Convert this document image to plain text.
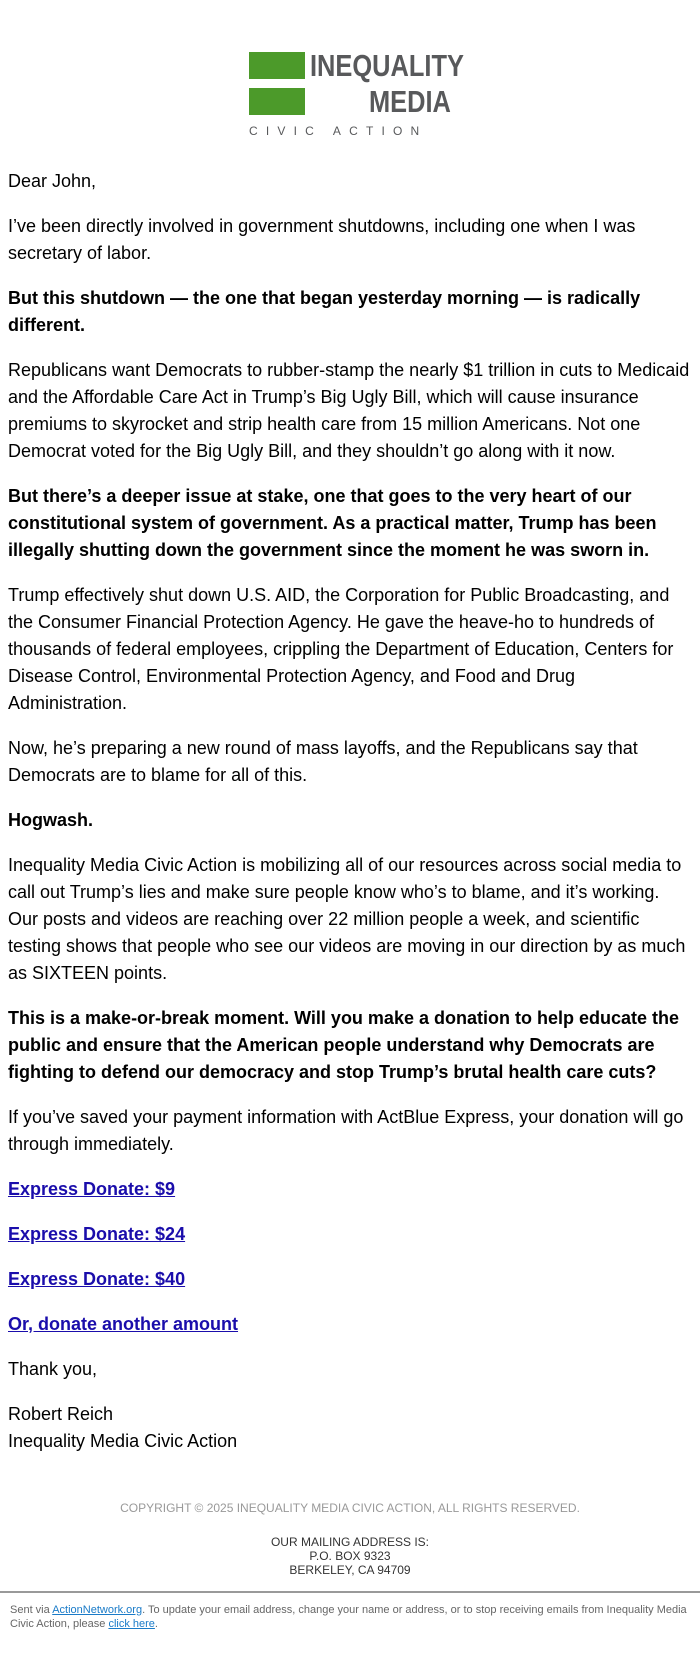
INEQUALITY
MEDIA
CIVIC ACTION

Dear John,

I’ve been directly involved in government shutdowns, including one when I was secretary of labor.

But this shutdown — the one that began yesterday morning — is radically different.

Republicans want Democrats to rubber-stamp the nearly $1 trillion in cuts to Medicaid and the Affordable Care Act in Trump’s Big Ugly Bill, which will cause insurance premiums to skyrocket and strip health care from 15 million Americans. Not one Democrat voted for the Big Ugly Bill, and they shouldn’t go along with it now.

But there’s a deeper issue at stake, one that goes to the very heart of our constitutional system of government. As a practical matter, Trump has been illegally shutting down the government since the moment he was sworn in.

Trump effectively shut down U.S. AID, the Corporation for Public Broadcasting, and the Consumer Financial Protection Agency. He gave the heave-ho to hundreds of thousands of federal employees, crippling the Department of Education, Centers for Disease Control, Environmental Protection Agency, and Food and Drug Administration.

Now, he’s preparing a new round of mass layoffs, and the Republicans say that Democrats are to blame for all of this.

Hogwash.

Inequality Media Civic Action is mobilizing all of our resources across social media to call out Trump’s lies and make sure people know who’s to blame, and it’s working. Our posts and videos are reaching over 22 million people a week, and scientific testing shows that people who see our videos are moving in our direction by as much as SIXTEEN points.

This is a make-or-break moment. Will you make a donation to help educate the public and ensure that the American people understand why Democrats are fighting to defend our democracy and stop Trump’s brutal health care cuts?

If you’ve saved your payment information with ActBlue Express, your donation will go through immediately.

Express Donate: $9

Express Donate: $24

Express Donate: $40

Or, donate another amount

Thank you,

Robert Reich

Inequality Media Civic Action

COPYRIGHT © 2025 INEQUALITY MEDIA CIVIC ACTION, ALL RIGHTS RESERVED.
OUR MAILING ADDRESS IS:
P.O. BOX 9323
BERKELEY, CA 94709
Sent via ActionNetwork.org. To update your email address, change your name or address, or to stop receiving emails from Inequality Media Civic Action, please click here.
